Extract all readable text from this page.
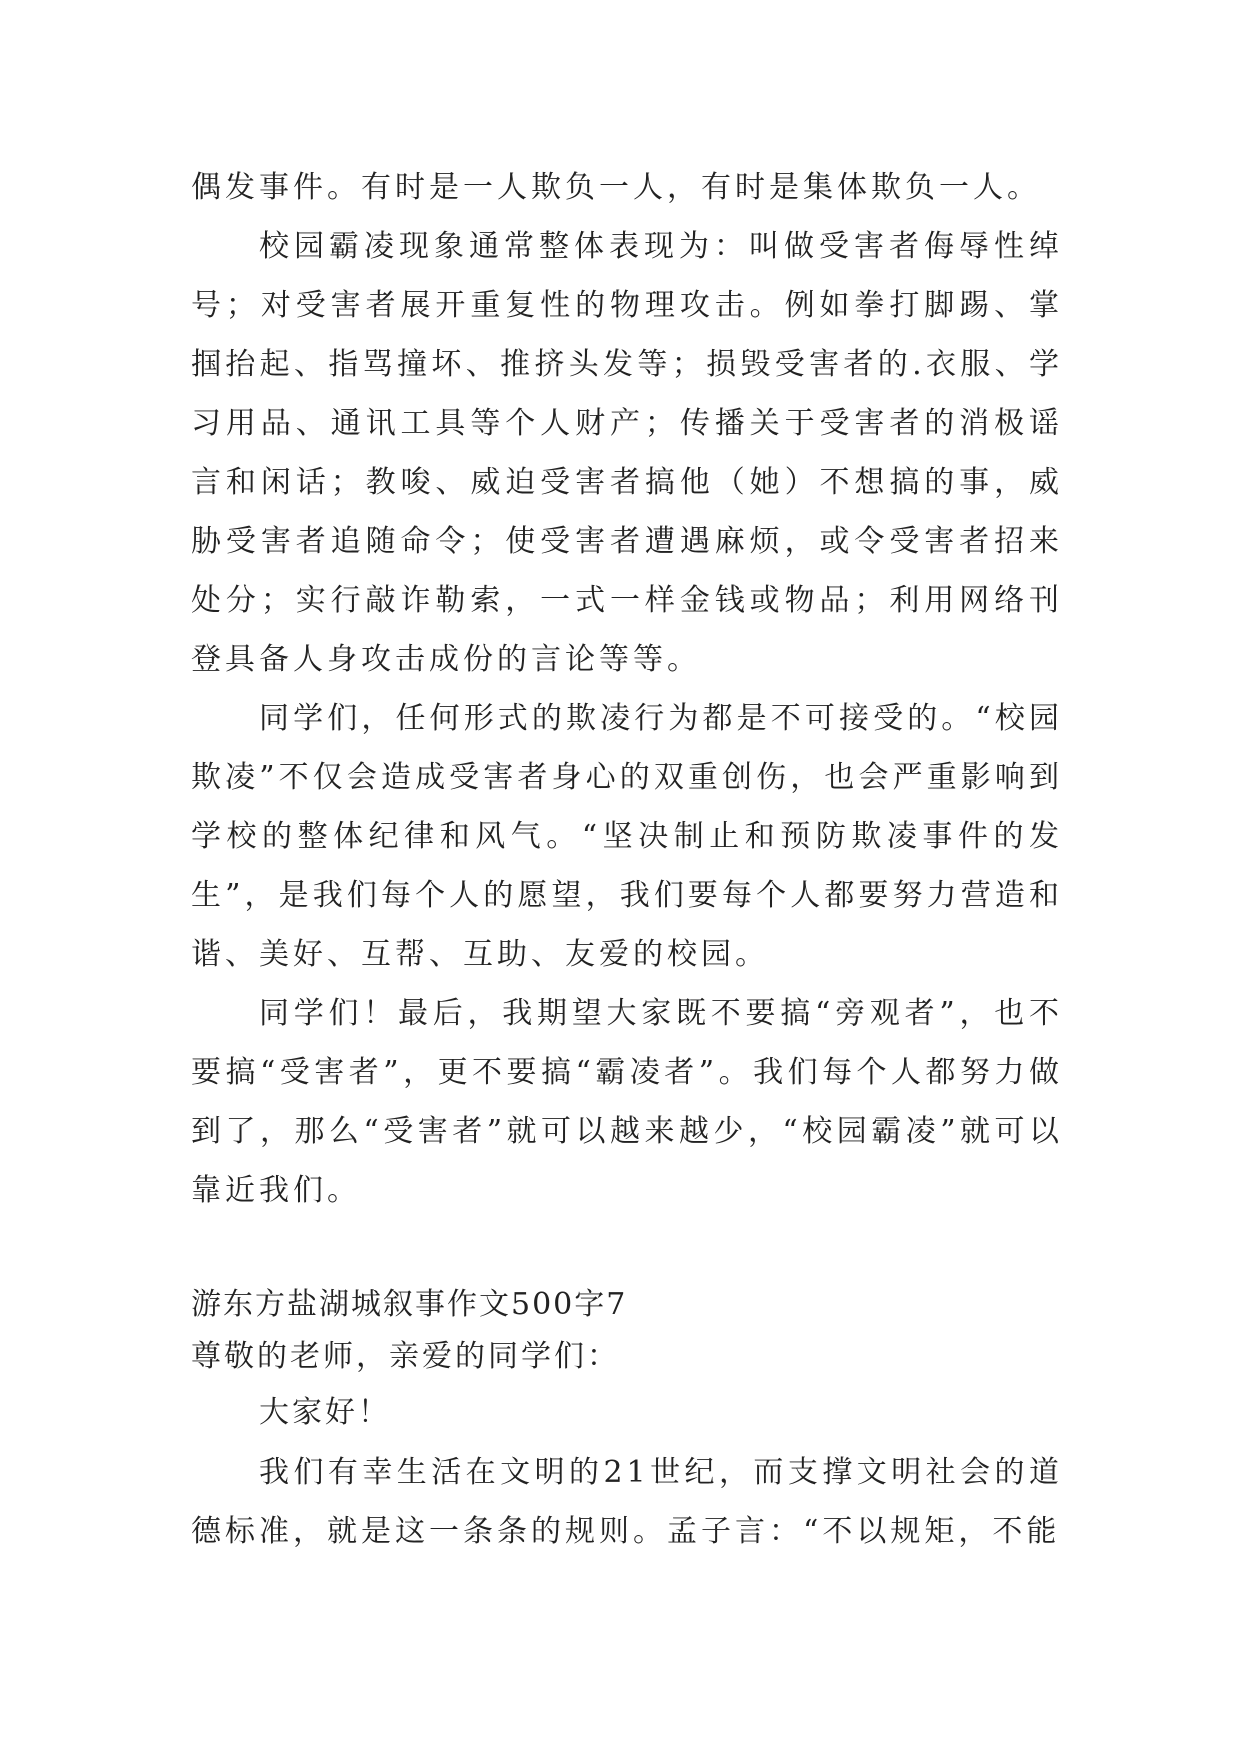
偶发事件。有时是一人欺负一人，有时是集体欺负一人。

校园霸凌现象通常整体表现为：叫做受害者侮辱性绰号；对受害者展开重复性的物理攻击。例如拳打脚踢、掌掴抬起、指骂撞坏、推挤头发等；损毁受害者的.衣服、学习用品、通讯工具等个人财产；传播关于受害者的消极谣言和闲话；教唆、威迫受害者搞他（她）不想搞的事，威胁受害者追随命令；使受害者遭遇麻烦，或令受害者招来处分；实行敲诈勒索，一式一样金钱或物品；利用网络刊登具备人身攻击成份的言论等等。

同学们，任何形式的欺凌行为都是不可接受的。“校园欺凌”不仅会造成受害者身心的双重创伤，也会严重影响到学校的整体纪律和风气。“坚决制止和预防欺凌事件的发生”，是我们每个人的愿望，我们要每个人都要努力营造和谐、美好、互帮、互助、友爱的校园。

同学们！最后，我期望大家既不要搞“旁观者”，也不要搞“受害者”，更不要搞“霸凌者”。我们每个人都努力做到了，那么“受害者”就可以越来越少，“校园霸凌”就可以靠近我们。

游东方盐湖城叙事作文500字7

尊敬的老师，亲爱的同学们：

大家好！

我们有幸生活在文明的21世纪，而支撑文明社会的道德标准，就是这一条条的规则。孟子言：“不以规矩，不能
